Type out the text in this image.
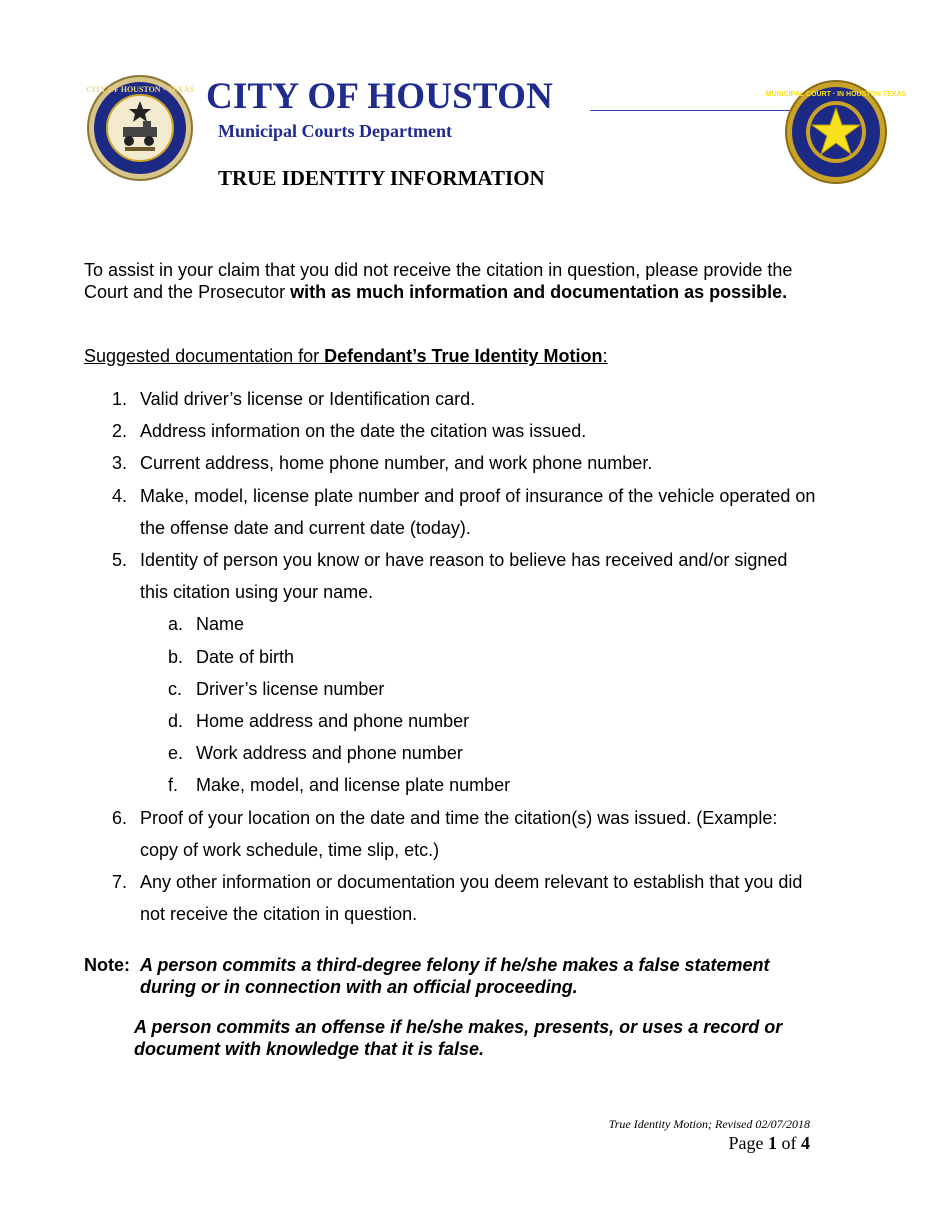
CITY OF HOUSTON · TEXAS CITY OF HOUSTON
Municipal Courts Department
TRUE IDENTITY INFORMATION
MUNICIPAL COURT · IN HOUSTON TEXAS

To assist in your claim that you did not receive the citation in question, please provide the Court and the Prosecutor with as much information and documentation as possible.

Suggested documentation for Defendant’s True Identity Motion:

1. Valid driver’s license or Identification card.
2. Address information on the date the citation was issued.
3. Current address, home phone number, and work phone number.
4. Make, model, license plate number and proof of insurance of the vehicle operated on the offense date and current date (today).
5. Identity of person you know or have reason to believe has received and/or signed this citation using your name.
a. Name
b. Date of birth
c. Driver’s license number
d. Home address and phone number
e. Work address and phone number
f. Make, model, and license plate number
6. Proof of your location on the date and time the citation(s) was issued. (Example: copy of work schedule, time slip, etc.)
7. Any other information or documentation you deem relevant to establish that you did not receive the citation in question.
Note: A person commits a third-degree felony if he/she makes a false statement during or in connection with an official proceeding.

A person commits an offense if he/she makes, presents, or uses a record or document with knowledge that it is false.

True Identity Motion; Revised 02/07/2018
Page 1 of 4
